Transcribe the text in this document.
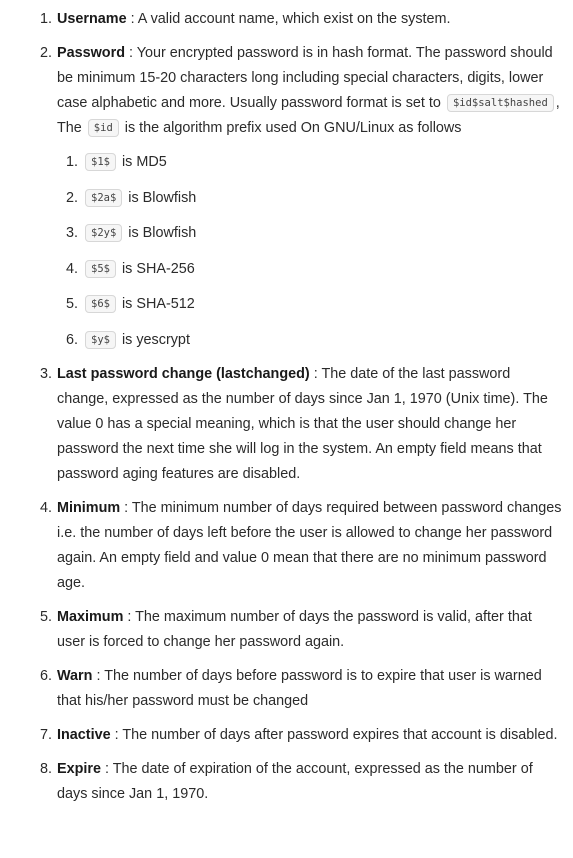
1. Username : A valid account name, which exist on the system.
2. Password : Your encrypted password is in hash format. The password should be minimum 15-20 characters long including special characters, digits, lower case alphabetic and more. Usually password format is set to $id$salt$hashed , The $id is the algorithm prefix used On GNU/Linux as follows
1. $1$ is MD5
2. $2a$ is Blowfish
3. $2y$ is Blowfish
4. $5$ is SHA-256
5. $6$ is SHA-512
6. $y$ is yescrypt
3. Last password change (lastchanged) : The date of the last password change, expressed as the number of days since Jan 1, 1970 (Unix time). The value 0 has a special meaning, which is that the user should change her password the next time she will log in the system. An empty field means that password aging features are disabled.
4. Minimum : The minimum number of days required between password changes i.e. the number of days left before the user is allowed to change her password again. An empty field and value 0 mean that there are no minimum password age.
5. Maximum : The maximum number of days the password is valid, after that user is forced to change her password again.
6. Warn : The number of days before password is to expire that user is warned that his/her password must be changed
7. Inactive : The number of days after password expires that account is disabled.
8. Expire : The date of expiration of the account, expressed as the number of days since Jan 1, 1970.
